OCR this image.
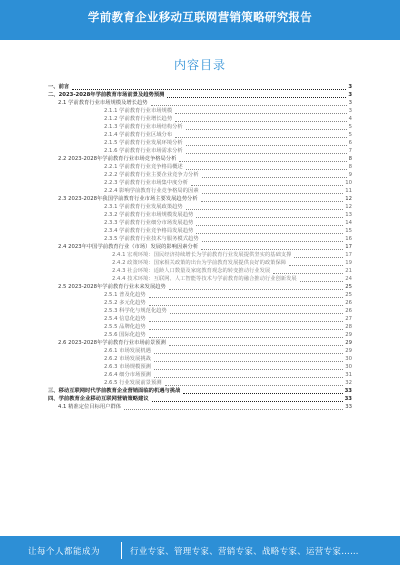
学前教育企业移动互联网营销策略研究报告
内容目录
一、前言	3
二、2023-2028年学前教育市场前景及趋势预测	3
2.1 学前教育行业市场规模及增长趋势	3
2.1.1 学前教育行业市场规模	3
2.1.2 学前教育行业增长趋势	4
2.1.3 学前教育行业市场结构分析	5
2.1.4 学前教育行业区域分布	5
2.1.5 学前教育行业发展环境分析	6
2.1.6 学前教育行业市场需求分析	7
2.2 2023-2028年学前教育行业市场竞争格局分析	8
2.2.1 学前教育行业竞争格局概述	8
2.2.2 学前教育行业主要企业竞争力分析	9
2.2.3 学前教育行业市场集中度分析	10
2.2.4 影响学前教育行业竞争格局的因素	11
2.3 2023-2028年我国学前教育行业市场主要发展趋势分析	12
2.3.1 学前教育行业发展政策趋势	12
2.3.2 学前教育行业市场规模发展趋势	13
2.3.3 学前教育行业细分市场发展趋势	14
2.3.4 学前教育行业竞争格局发展趋势	15
2.3.5 学前教育行业技术与服务模式趋势	16
2.4 2023年中国学前教育行业（市场）发展的影响因素分析	17
2.4.1 宏观环境：国民经济持续增长为学前教育行业发展提供坚实的基础支撑	17
2.4.2 政策环境：国家相关政策的出台为学前教育发展提供良好的政策保障	19
2.4.3 社会环境：适龄人口数量及家庭教育观念的转变推动行业发展	21
2.4.4 技术环境：互联网、人工智能等技术与学前教育的融合推动行业创新发展	24
2.5 2023-2028年学前教育行业未来发展趋势	25
2.5.1 普及化趋势	25
2.5.2 多元化趋势	26
2.5.3 科学化与规范化趋势	26
2.5.4 信息化趋势	27
2.5.5 品牌化趋势	28
2.5.6 国际化趋势	29
2.6 2023-2028年学前教育行业市场前景预测	29
2.6.1 市场发展机遇	29
2.6.2 市场发展挑战	30
2.6.3 市场规模预测	30
2.6.4 细分市场预测	31
2.6.5 行业发展前景预测	32
三、移动互联网时代学前教育企业营销面临的机遇与挑战	33
四、学前教育企业移动互联网营销策略建议	33
4.1 精准定位目标用户群体	33
让每个人都能成为	行业专家、管理专家、营销专家、战略专家、运营专家……
